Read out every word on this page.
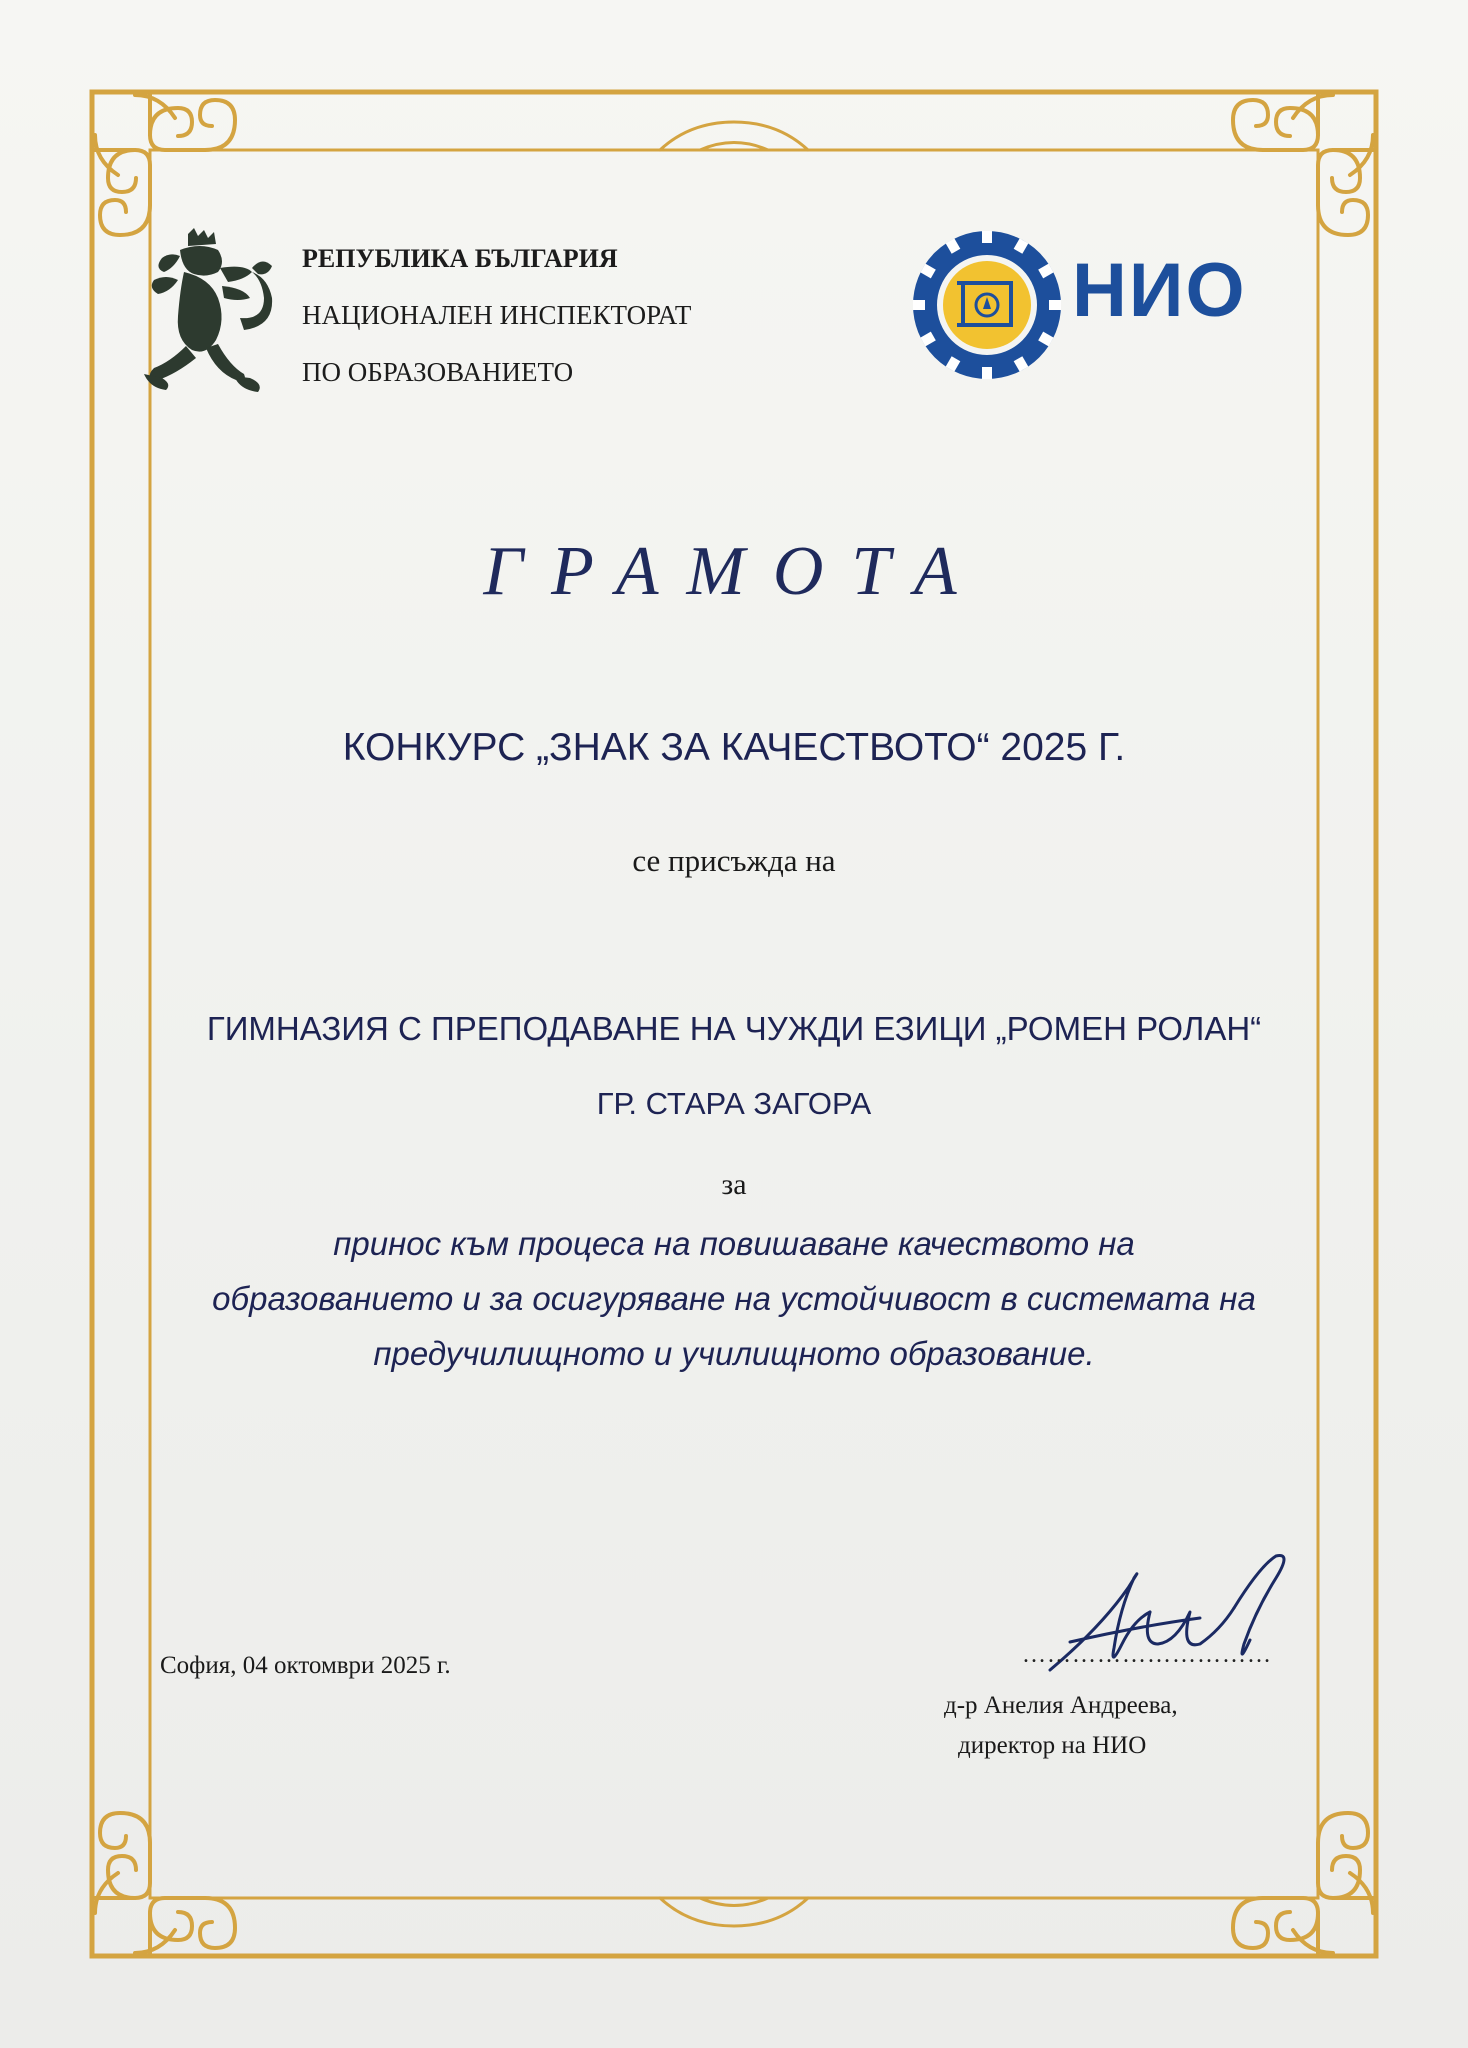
РЕПУБЛИКА БЪЛГАРИЯ
НАЦИОНАЛЕН ИНСПЕКТОРАТ
ПО ОБРАЗОВАНИЕТО
НИО
ГРАМОТА
КОНКУРС „ЗНАК ЗА КАЧЕСТВОТО“ 2025 Г.
се присъжда на
ГИМНАЗИЯ С ПРЕПОДАВАНЕ НА ЧУЖДИ ЕЗИЦИ „РОМЕН РОЛАН“
ГР. СТАРА ЗАГОРА
за
принос към процеса на повишаване качеството на
образованието и за осигуряване на устойчивост в системата на
предучилищното и училищното образование.
София, 04 октомври 2025 г.	…………………………
д-р Анелия Андреева,
директор на НИО
